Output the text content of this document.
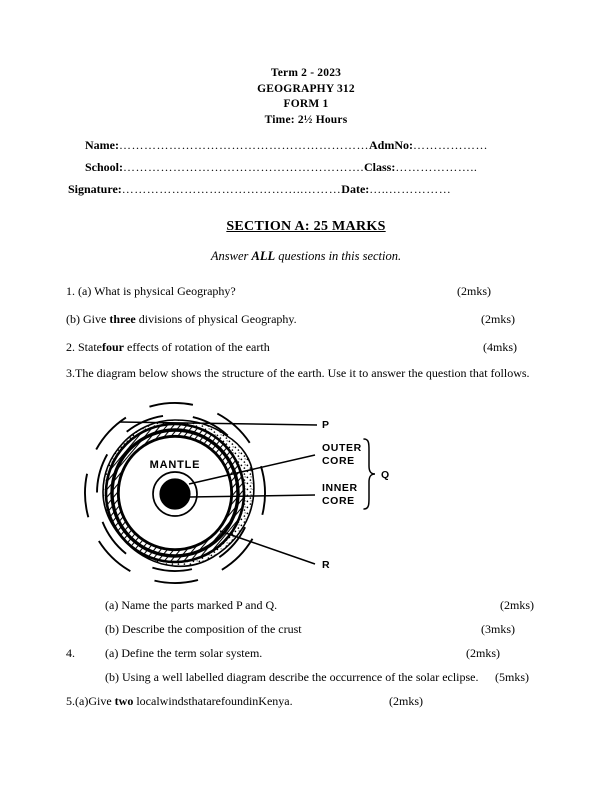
Term 2 - 2023
GEOGRAPHY 312
FORM 1
Time: 2½ Hours
Name:……………………………………………………AdmNo:………………
School:………………………………………………….Class:………………..
Signature:……………………………………..………Date:…..……………
SECTION A: 25 MARKS
Answer ALL questions in this section.
1. (a) What is physical Geography?	(2mks)
(b) Give three divisions of physical Geography.	(2mks)
2. Statefour effects of rotation of the earth	(4mks)
3.The diagram below shows the structure of the earth. Use it to answer the question that follows.
(a) Name the parts marked P and Q.	(2mks)
(b) Describe the composition of the crust	(3mks)
4.	(a) Define the term solar system.	(2mks)
(b) Using a well labelled diagram describe the occurrence of the solar eclipse. (5mks)
5.(a)Give two localwindsthatarefoundinKenya.	(2mks)
MANTLE
P
OUTER
CORE
INNER
CORE
Q
R
